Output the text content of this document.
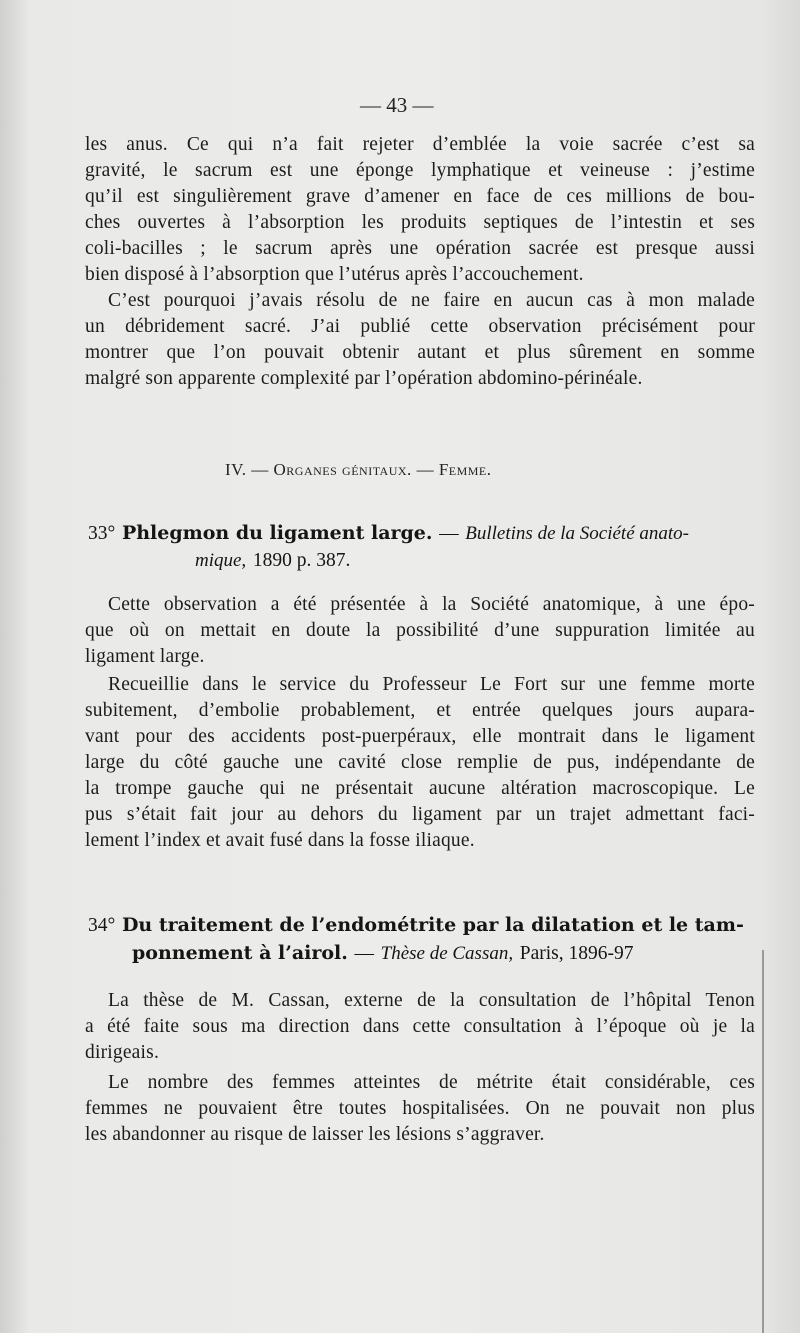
— 43 —
les anus. Ce qui n’a fait rejeter d’emblée la voie sacrée c’est sa
gravité, le sacrum est une éponge lymphatique et veineuse : j’estime
qu’il est singulièrement grave d’amener en face de ces millions de bou-
ches ouvertes à l’absorption les produits septiques de l’intestin et ses
coli-bacilles ; le sacrum après une opération sacrée est presque aussi
bien disposé à l’absorption que l’utérus après l’accouchement.
C’est pourquoi j’avais résolu de ne faire en aucun cas à mon malade
un débridement sacré. J’ai publié cette observation précisément pour
montrer que l’on pouvait obtenir autant et plus sûrement en somme
malgré son apparente complexité par l’opération abdomino-périnéale.
IV. — Organes génitaux. — Femme.
33° Phlegmon du ligament large. — Bulletins de la Société anato-
mique, 1890 p. 387.
Cette observation a été présentée à la Société anatomique, à une épo-
que où on mettait en doute la possibilité d’une suppuration limitée au
ligament large.
Recueillie dans le service du Professeur Le Fort sur une femme morte
subitement, d’embolie probablement, et entrée quelques jours aupara-
vant pour des accidents post-puerpéraux, elle montrait dans le ligament
large du côté gauche une cavité close remplie de pus, indépendante de
la trompe gauche qui ne présentait aucune altération macroscopique. Le
pus s’était fait jour au dehors du ligament par un trajet admettant faci-
lement l’index et avait fusé dans la fosse iliaque.
34° Du traitement de l’endométrite par la dilatation et le tam-
ponnement à l’airol. — Thèse de Cassan, Paris, 1896-97
La thèse de M. Cassan, externe de la consultation de l’hôpital Tenon
a été faite sous ma direction dans cette consultation à l’époque où je la
dirigeais.
Le nombre des femmes atteintes de métrite était considérable, ces
femmes ne pouvaient être toutes hospitalisées. On ne pouvait non plus
les abandonner au risque de laisser les lésions s’aggraver.
